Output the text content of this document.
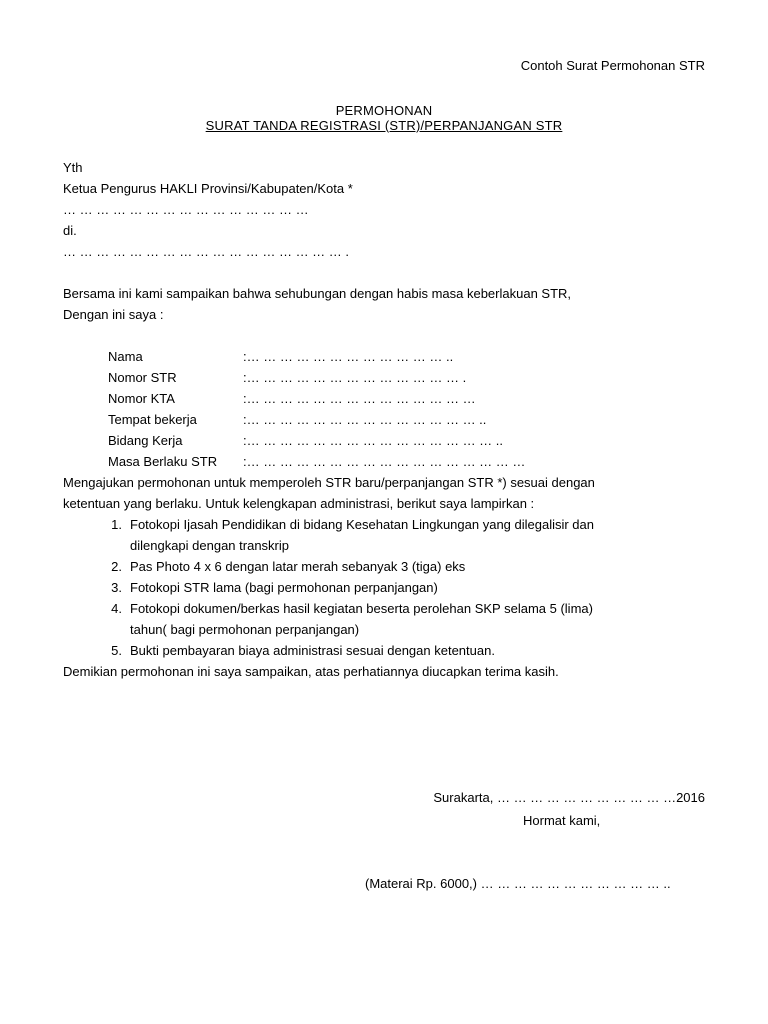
Contoh Surat Permohonan STR
PERMOHONAN
SURAT TANDA REGISTRASI (STR)/PERPANJANGAN STR
Yth
Ketua Pengurus HAKLI Provinsi/Kabupaten/Kota *
… … … … … … … … … … … … … … …
di.
… … … … … … … … … … … … … … … … … .
Bersama ini kami sampaikan bahwa sehubungan dengan habis masa keberlakuan STR,
Dengan ini saya :
Nama	:… … … … … … … … … … … … ..
Nomor STR	:… … … … … … … … … … … … … .
Nomor KTA	:… … … … … … … … … … … … … …
Tempat bekerja	:… … … … … … … … … … … … … … ..
Bidang Kerja	:… … … … … … … … … … … … … … … ..
Masa Berlaku STR :… … … … … … … … … … … … … … … … …
Mengajukan permohonan untuk memperoleh STR baru/perpanjangan STR *) sesuai dengan
ketentuan yang berlaku. Untuk kelengkapan administrasi, berikut saya lampirkan :
1. Fotokopi Ijasah Pendidikan di bidang Kesehatan Lingkungan yang dilegalisir dan
dilengkapi dengan transkrip
2. Pas Photo 4 x 6 dengan latar merah sebanyak 3 (tiga) eks
3. Fotokopi STR lama (bagi permohonan perpanjangan)
4. Fotokopi dokumen/berkas hasil kegiatan beserta perolehan SKP selama 5 (lima)
tahun( bagi permohonan perpanjangan)
5. Bukti pembayaran biaya administrasi sesuai dengan ketentuan.
Demikian permohonan ini saya sampaikan, atas perhatiannya diucapkan terima kasih.
Surakarta, … … … … … … … … … … …2016
Hormat kami,
(Materai Rp. 6000,) … … … … … … … … … … … ..
